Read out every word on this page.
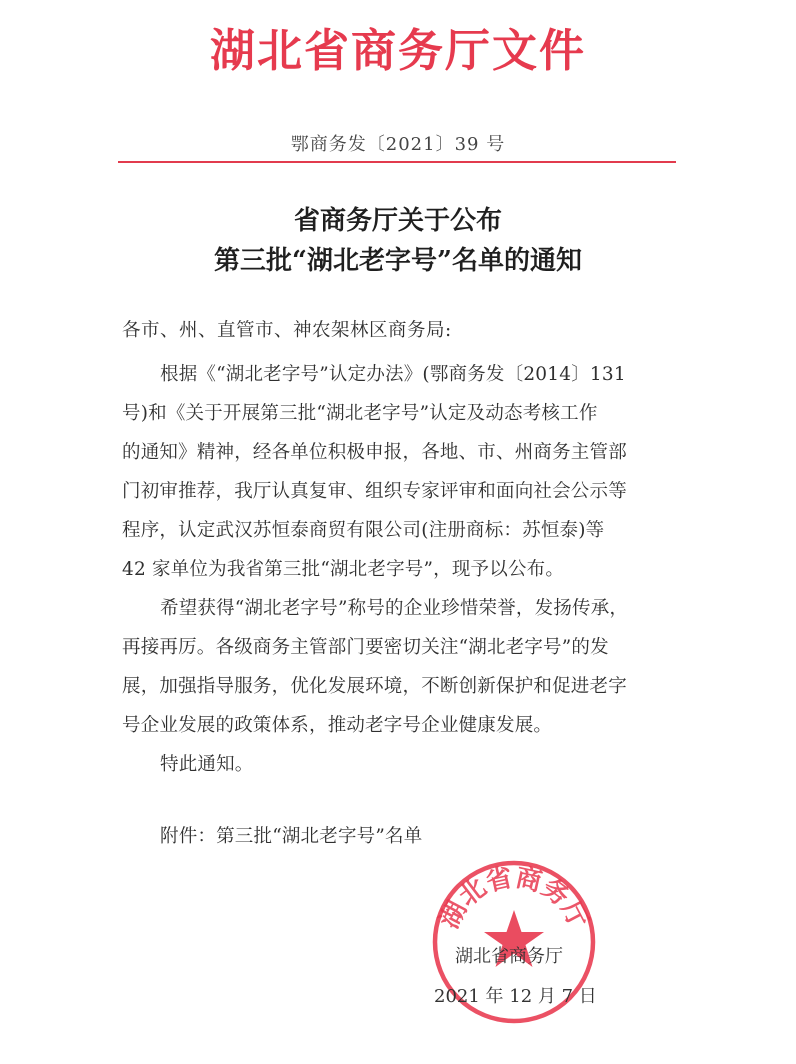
湖北省商务厅文件
鄂商务发〔2021〕39 号
省商务厅关于公布
第三批“湖北老字号”名单的通知
各市、州、直管市、神农架林区商务局:
根据《“湖北老字号”认定办法》(鄂商务发〔2014〕131
号)和《关于开展第三批“湖北老字号”认定及动态考核工作
的通知》精神，经各单位积极申报，各地、市、州商务主管部
门初审推荐，我厅认真复审、组织专家评审和面向社会公示等
程序，认定武汉苏恒泰商贸有限公司(注册商标：苏恒泰)等
42 家单位为我省第三批“湖北老字号”，现予以公布。
希望获得“湖北老字号”称号的企业珍惜荣誉，发扬传承，
再接再厉。各级商务主管部门要密切关注“湖北老字号”的发
展，加强指导服务，优化发展环境，不断创新保护和促进老字
号企业发展的政策体系，推动老字号企业健康发展。
特此通知。
附件：第三批“湖北老字号”名单
湖北省商务厅
湖北省商务厅
2021 年 12 月 7 日
